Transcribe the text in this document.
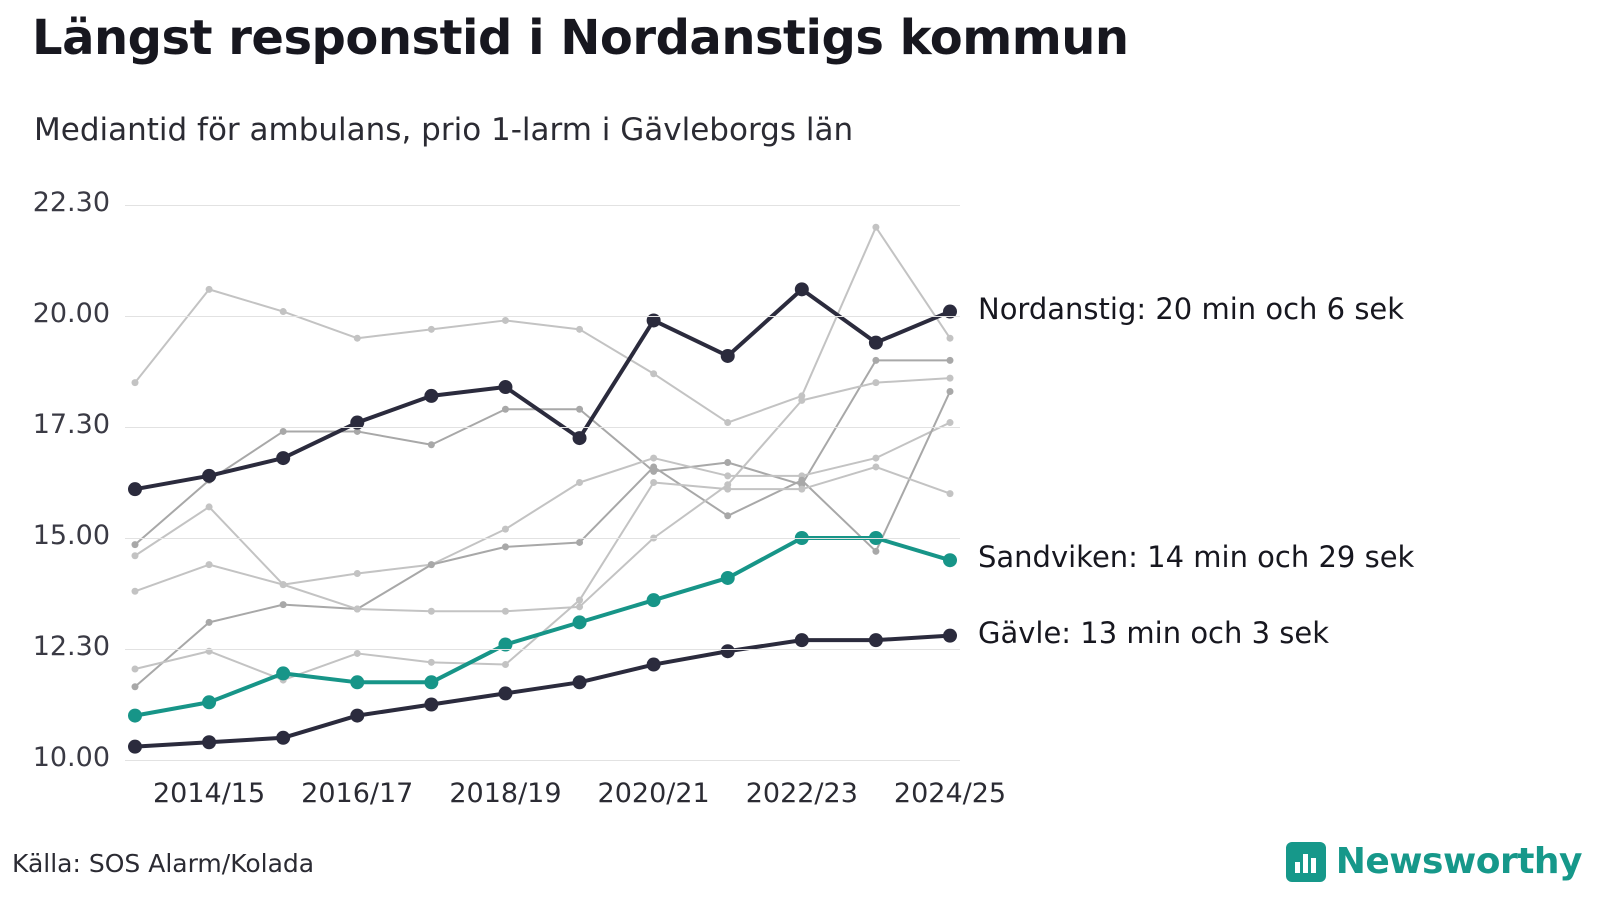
Längst responstid i Nordanstigs kommun
Mediantid för ambulans, prio 1-larm i Gävleborgs län
10.00
12.30
15.00
17.30
20.00
22.30
2014/15	2016/17	2018/19	2020/21	2022/23	2024/25
Nordanstig: 20 min och 6 sek
Sandviken: 14 min och 29 sek
Gävle: 13 min och 3 sek
Källa: SOS Alarm/Kolada	Newsworthy
